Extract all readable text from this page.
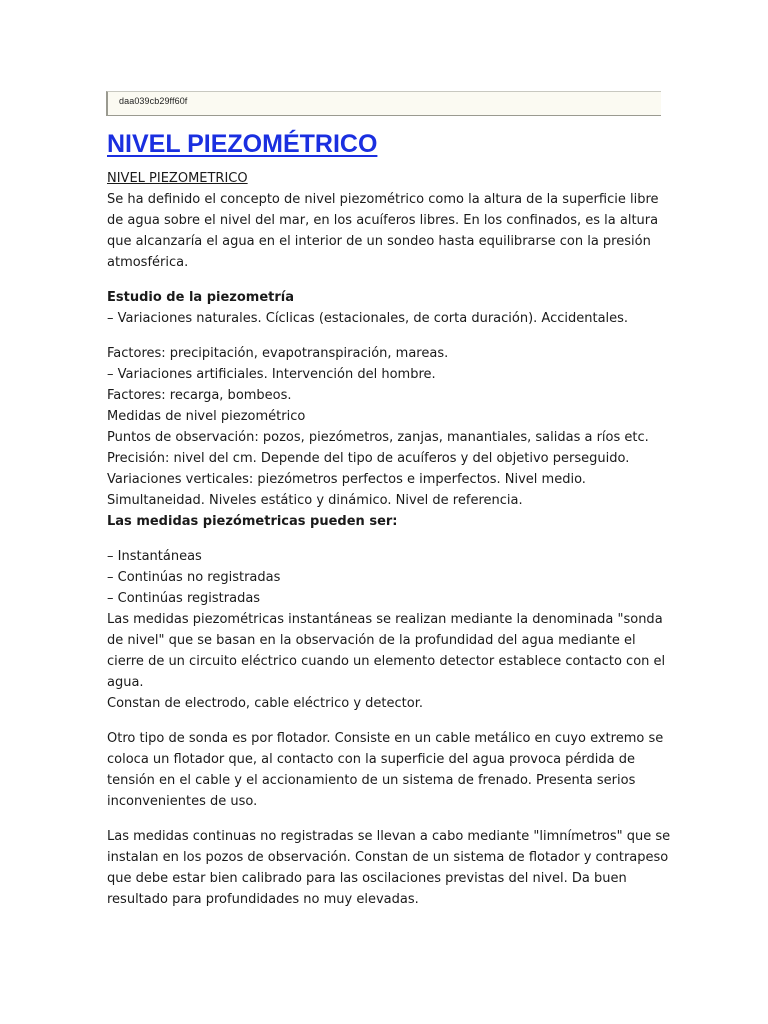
daa039cb29ff60f
NIVEL PIEZOMÉTRICO
NIVEL PIEZOMETRICO
Se ha definido el concepto de nivel piezométrico como la altura de la superficie libre
de agua sobre el nivel del mar, en los acuíferos libres. En los confinados, es la altura
que alcanzaría el agua en el interior de un sondeo hasta equilibrarse con la presión
atmosférica.
Estudio de la piezometría
– Variaciones naturales. Cíclicas (estacionales, de corta duración). Accidentales.
Factores: precipitación, evapotranspiración, mareas.
– Variaciones artificiales. Intervención del hombre.
Factores: recarga, bombeos.
Medidas de nivel piezométrico
Puntos de observación: pozos, piezómetros, zanjas, manantiales, salidas a ríos etc.
Precisión: nivel del cm. Depende del tipo de acuíferos y del objetivo perseguido.
Variaciones verticales: piezómetros perfectos e imperfectos. Nivel medio.
Simultaneidad. Niveles estático y dinámico. Nivel de referencia.
Las medidas piezómetricas pueden ser:
– Instantáneas
– Continúas no registradas
– Continúas registradas
Las medidas piezométricas instantáneas se realizan mediante la denominada "sonda
de nivel" que se basan en la observación de la profundidad del agua mediante el
cierre de un circuito eléctrico cuando un elemento detector establece contacto con el
agua.
Constan de electrodo, cable eléctrico y detector.
Otro tipo de sonda es por flotador. Consiste en un cable metálico en cuyo extremo se
coloca un flotador que, al contacto con la superficie del agua provoca pérdida de
tensión en el cable y el accionamiento de un sistema de frenado. Presenta serios
inconvenientes de uso.
Las medidas continuas no registradas se llevan a cabo mediante "limnímetros" que se
instalan en los pozos de observación. Constan de un sistema de flotador y contrapeso
que debe estar bien calibrado para las oscilaciones previstas del nivel. Da buen
resultado para profundidades no muy elevadas.
